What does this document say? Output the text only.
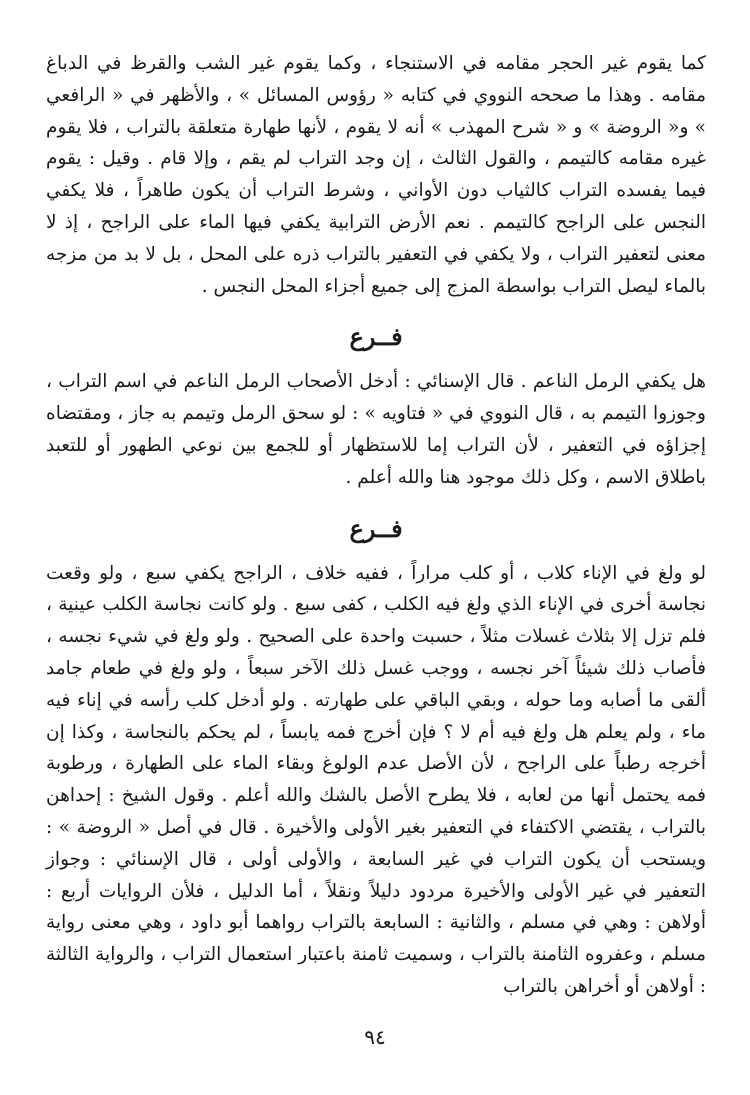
كما يقوم غير الحجر مقامه في الاستنجاء ، وكما يقوم غير الشب والقرظ في الدباغ مقامه . وهذا ما صححه النووي في كتابه « رؤوس المسائل » ، والأظهر في « الرافعي » و« الروضة » و « شرح المهذب » أنه لا يقوم ، لأنها طهارة متعلقة بالتراب ، فلا يقوم غيره مقامه كالتيمم ، والقول الثالث ، إن وجد التراب لم يقم ، وإلا قام . وقيل : يقوم فيما يفسده التراب كالثياب دون الأواني ، وشرط التراب أن يكون طاهراً ، فلا يكفي النجس على الراجح كالتيمم . نعم الأرض الترابية يكفي فيها الماء على الراجح ، إذ لا معنى لتعفير التراب ، ولا يكفي في التعفير بالتراب ذره على المحل ، بل لا بد من مزجه بالماء ليصل التراب بواسطة المزج إلى جميع أجزاء المحل النجس .

فــرع

هل يكفي الرمل الناعم . قال الإسنائي : أدخل الأصحاب الرمل الناعم في اسم التراب ، وجوزوا التيمم به ، قال النووي في « فتاويه » : لو سحق الرمل وتيمم به جاز ، ومقتضاه إجزاؤه في التعفير ، لأن التراب إما للاستظهار أو للجمع بين نوعي الطهور أو للتعبد باطلاق الاسم ، وكل ذلك موجود هنا والله أعلم .

فــرع

لو ولغ في الإناء كلاب ، أو كلب مراراً ، ففيه خلاف ، الراجح يكفي سبع ، ولو وقعت نجاسة أخرى في الإناء الذي ولغ فيه الكلب ، كفى سبع . ولو كانت نجاسة الكلب عينية ، فلم تزل إلا بثلاث غسلات مثلاً ، حسبت واحدة على الصحيح . ولو ولغ في شيء نجسه ، فأصاب ذلك شيئاً آخر نجسه ، ووجب غسل ذلك الآخر سبعاً ، ولو ولغ في طعام جامد ألقى ما أصابه وما حوله ، وبقي الباقي على طهارته . ولو أدخل كلب رأسه في إناء فيه ماء ، ولم يعلم هل ولغ فيه أم لا ؟ فإن أخرج فمه يابساً ، لم يحكم بالنجاسة ، وكذا إن أخرجه رطباً على الراجح ، لأن الأصل عدم الولوغ وبقاء الماء على الطهارة ، ورطوبة فمه يحتمل أنها من لعابه ، فلا يطرح الأصل بالشك والله أعلم . وقول الشيخ : إحداهن بالتراب ، يقتضي الاكتفاء في التعفير بغير الأولى والأخيرة . قال في أصل « الروضة » : ويستحب أن يكون التراب في غير السابعة ، والأولى أولى ، قال الإسنائي : وجواز التعفير في غير الأولى والأخيرة مردود دليلاً ونقلاً ، أما الدليل ، فلأن الروايات أربع : أولاهن : وهي في مسلم ، والثانية : السابعة بالتراب رواهما أبو داود ، وهي معنى رواية مسلم ، وعفروه الثامنة بالتراب ، وسميت ثامنة باعتبار استعمال التراب ، والرواية الثالثة : أولاهن أو أخراهن بالتراب

٩٤
